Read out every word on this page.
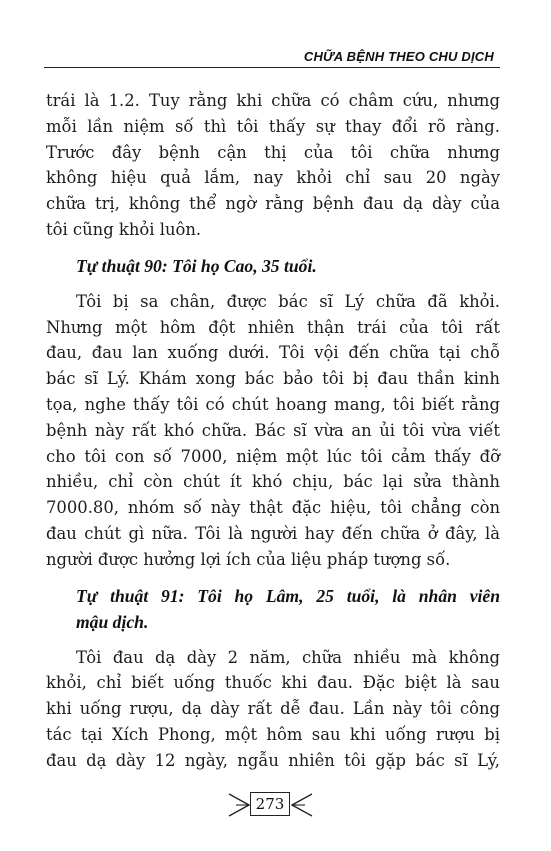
CHỮA BỆNH THEO CHU DỊCH
trái là 1.2. Tuy rằng khi chữa có châm cứu, nhưng
mỗi lần niệm số thì tôi thấy sự thay đổi rõ ràng.
Trước đây bệnh cận thị của tôi chữa nhưng
không hiệu quả lắm, nay khỏi chỉ sau 20 ngày
chữa trị, không thể ngờ rằng bệnh đau dạ dày của
tôi cũng khỏi luôn.
Tự thuật 90: Tôi họ Cao, 35 tuổi.
Tôi bị sa chân, được bác sĩ Lý chữa đã khỏi.
Nhưng một hôm đột nhiên thận trái của tôi rất
đau, đau lan xuống dưới. Tôi vội đến chữa tại chỗ
bác sĩ Lý. Khám xong bác bảo tôi bị đau thần kinh
tọa, nghe thấy tôi có chút hoang mang, tôi biết rằng
bệnh này rất khó chữa. Bác sĩ vừa an ủi tôi vừa viết
cho tôi con số 7000, niệm một lúc tôi cảm thấy đỡ
nhiều, chỉ còn chút ít khó chịu, bác lại sửa thành
7000.80, nhóm số này thật đặc hiệu, tôi chẳng còn
đau chút gì nữa. Tôi là người hay đến chữa ở đây, là
người được hưởng lợi ích của liệu pháp tượng số.
Tự thuật 91: Tôi họ Lâm, 25 tuổi, là nhân viên
mậu dịch.
Tôi đau dạ dày 2 năm, chữa nhiều mà không
khỏi, chỉ biết uống thuốc khi đau. Đặc biệt là sau
khi uống rượu, dạ dày rất dễ đau. Lần này tôi công
tác tại Xích Phong, một hôm sau khi uống rượu bị
đau dạ dày 12 ngày, ngẫu nhiên tôi gặp bác sĩ Lý,
273
